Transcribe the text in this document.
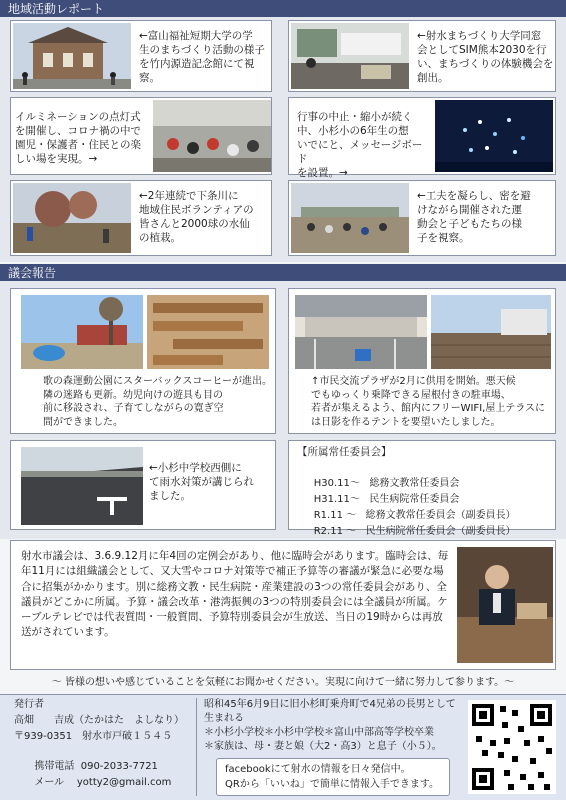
地域活動レポート
←富山福祉短期大学の学
生のまちづくり活動の様子
を竹内源造記念館にて視
察。
←射水まちづくり大学同窓
会としてSIM熊本2030を行
い、まちづくりの体験機会を
創出。
イルミネーションの点灯式
を開催し、コロナ禍の中で
園児・保護者・住民との楽
しい場を実現。→
行事の中止・縮小が続く
中、小杉小の6年生の想
いでにと、メッセージボード
を設置。→
←2年連続で下条川に
地域住民ボランティアの
皆さんと2000球の水仙
の植栽。
←工夫を凝らし、密を避
けながら開催された運
動会と子どもたちの様
子を視察。
議会報告
歌の森運動公園にスターバックスコーヒーが進出。
隣の迷路も更新。幼児向けの遊具も目の
前に移設され、子育てしながらの寛ぎ空
間ができました。
↑市民交流プラザが2月に供用を開始。悪天候
でもゆっくり乗降できる屋根付きの駐車場、
若者が集えるよう、館内にフリーWIFI,屋上テラスに
は日影を作るテントを要望いたしました。
←小杉中学校西側に
て雨水対策が講じられ
ました。
【所属常任委員会】

H30.11～ 総務文教常任委員会

H31.11～ 民生病院常任委員会

R1.11 ～ 総務文教常任委員会（副委員長）

R2.11 ～ 民生病院常任委員会（副委員長）

射水市議会は、3.6.9.12月に年4回の定例会があり、他に臨時会があります。臨時会は、毎年11月には組織議会として、又大雪やコロナ対策等で補正予算等の審議が緊急に必要な場合に招集がかかります。別に総務文教・民生病院・産業建設の3つの常任委員会があり、全議員がどこかに所属。予算・議会改革・港湾振興の3つの特別委員会には全議員が所属。ケーブルテレビでは代表質問・一般質問、予算特別委員会が生放送、当日の19時からは再放送がされています。
～ 皆様の想いや感じていることを気軽にお聞かせください。実現に向けて一緒に努力して参ります。～
発行者
高畑　　吉成（たかはた　よしなり）
〒939-0351　射水市戸破１５４５

携帯電話 090-2033-7721

メール yotty2@gmail.com

昭和45年6月9日に旧小杉町乗舟町で4兄弟の長男として
生まれる
＊小杉小学校＊小杉中学校＊富山中部高等学校卒業
＊家族は、母・妻と娘（大2・高3）と息子（小５）。
facebookにて射水の情報を日々発信中。
QRから「いいね」で簡単に情報入手できます。
